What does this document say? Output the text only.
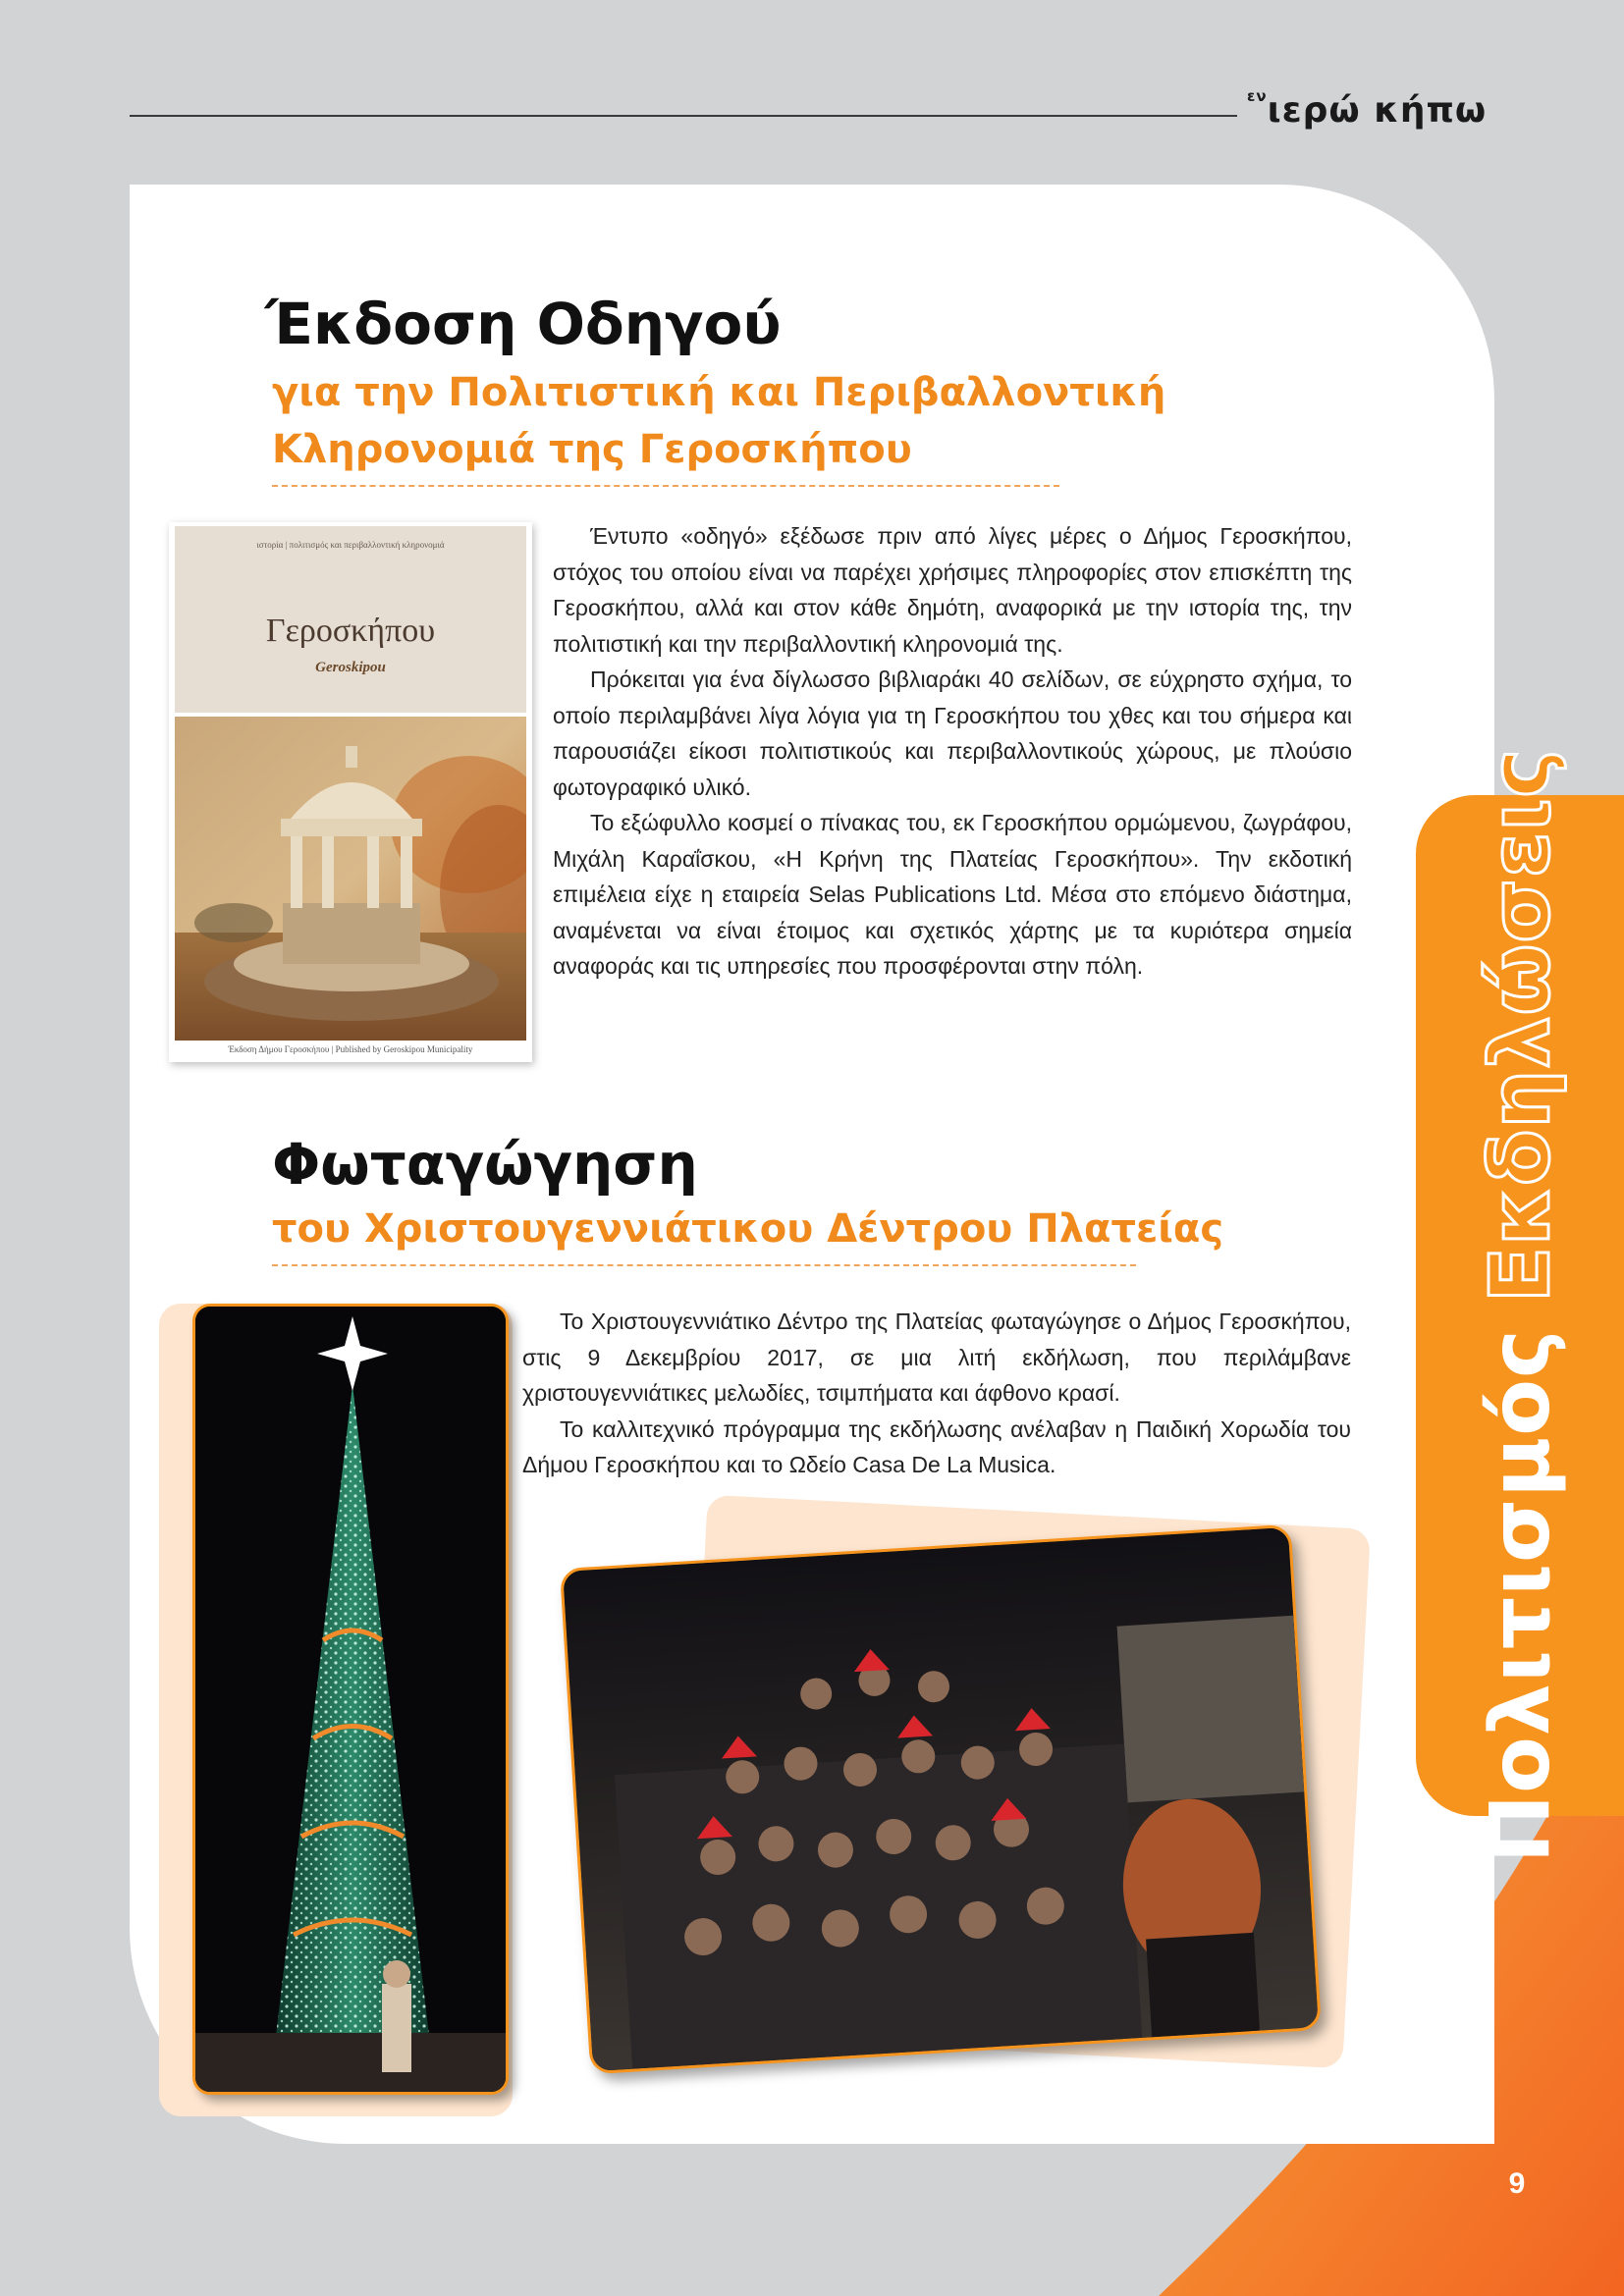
$^{\varepsilon\nu}$ιερώ κήπω
ΠολιτισμόςΕκδηλώσεις
Έκδοση Οδηγού
για την Πολιτιστική και Περιβαλλοντική
Κληρονομιά της Γεροσκήπου
ιστορία | πολιτισμός και περιβαλλοντική κληρονομιά
Γεροσκήπου
Geroskipou
Έκδοση Δήμου Γεροσκήπου | Published by Geroskipou Municipality

Έντυπο «οδηγό» εξέδωσε πριν από λίγες μέρες ο Δήμος Γεροσκήπου, στόχος του οποίου είναι να παρέχει χρήσιμες πληροφορίες στον επισκέπτη της Γεροσκήπου, αλλά και στον κάθε δημότη, αναφορικά με την ιστορία της, την πολιτιστική και την περιβαλλοντική κληρονομιά της.

Πρόκειται για ένα δίγλωσσο βιβλιαράκι 40 σελίδων, σε εύχρηστο σχήμα, το οποίο περιλαμβάνει λίγα λόγια για τη Γεροσκήπου του χθες και του σήμερα και παρουσιάζει είκοσι πολιτιστικούς και περιβαλλοντικούς χώρους, με πλούσιο φωτογραφικό υλικό.

Το εξώφυλλο κοσμεί ο πίνακας του, εκ Γεροσκήπου ορμώμενου, ζωγράφου, Μιχάλη Καραΐσκου, «Η Κρήνη της Πλατείας Γεροσκήπου». Την εκδοτική επιμέλεια είχε η εταιρεία Selas Publications Ltd. Μέσα στο επόμενο διάστημα, αναμένεται να είναι έτοιμος και σχετικός χάρτης με τα κυριότερα σημεία αναφοράς και τις υπηρεσίες που προσφέρονται στην πόλη.

Φωταγώγηση
του Χριστουγεννιάτικου Δέντρου Πλατείας

Το Χριστουγεννιάτικο Δέντρο της Πλατείας φωταγώγησε ο Δήμος Γεροσκήπου, στις 9 Δεκεμβρίου 2017, σε μια λιτή εκδήλωση, που περιλάμβανε χριστουγεννιάτικες μελωδίες, τσιμπήματα και άφθονο κρασί.

Το καλλιτεχνικό πρόγραμμα της εκδήλωσης ανέλαβαν η Παιδική Χορωδία του Δήμου Γεροσκήπου και το Ωδείο Casa De La Musica.

9
